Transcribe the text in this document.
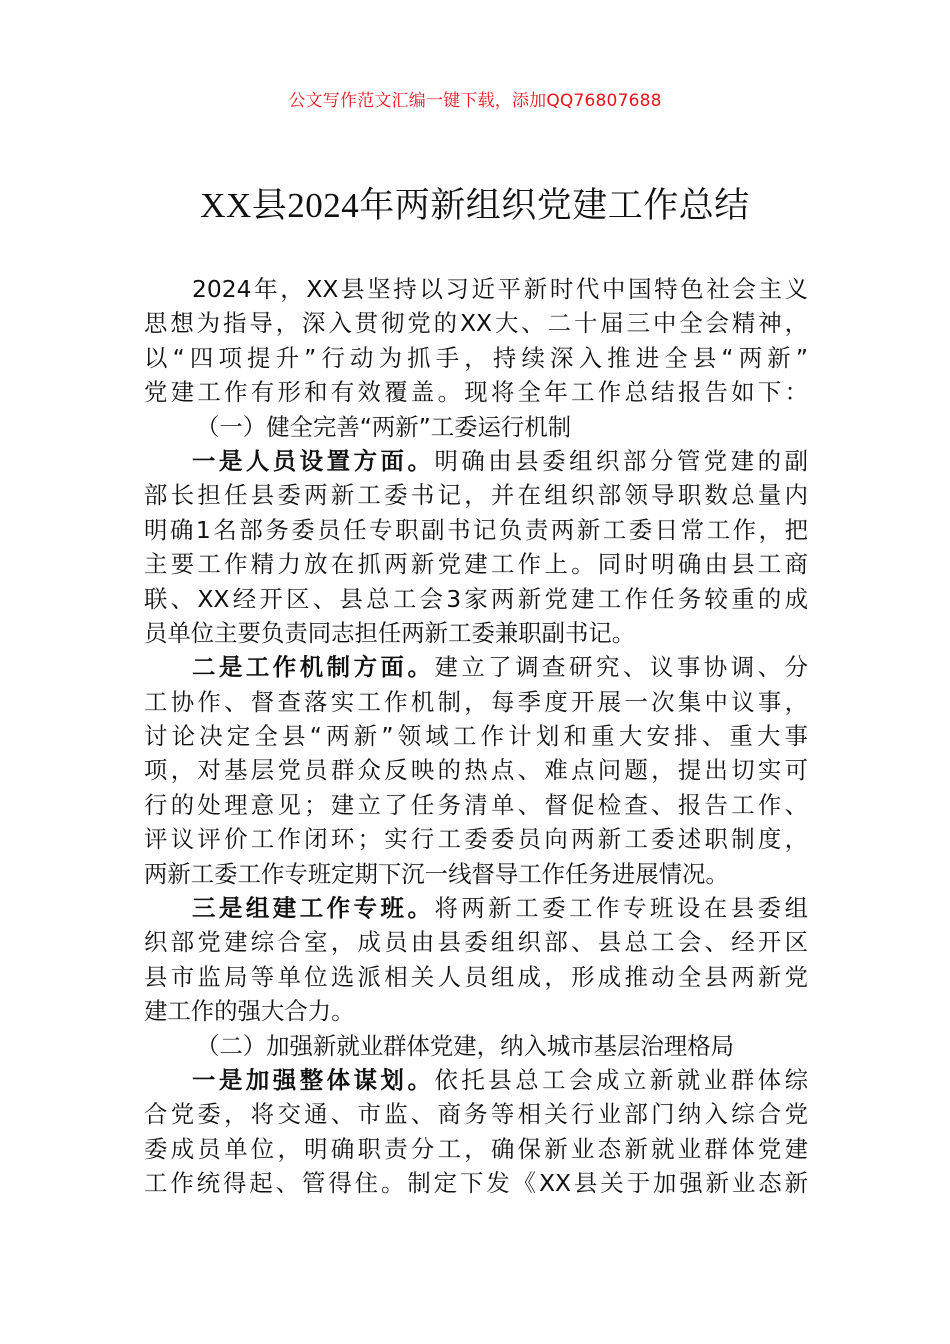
公文写作范文汇编一键下载，添加QQ76807688
XX县2024年两新组织党建工作总结
2024年，XX县坚持以习近平新时代中国特色社会主义
思想为指导，深入贯彻党的XX大、二十届三中全会精神，
以“四项提升”行动为抓手，持续深入推进全县“两新”
党建工作有形和有效覆盖。现将全年工作总结报告如下：
（一）健全完善“两新”工委运行机制
一是人员设置方面。明确由县委组织部分管党建的副
部长担任县委两新工委书记，并在组织部领导职数总量内
明确1名部务委员任专职副书记负责两新工委日常工作，把
主要工作精力放在抓两新党建工作上。同时明确由县工商
联、XX经开区、县总工会3家两新党建工作任务较重的成
员单位主要负责同志担任两新工委兼职副书记。
二是工作机制方面。建立了调查研究、议事协调、分
工协作、督查落实工作机制，每季度开展一次集中议事，
讨论决定全县“两新”领域工作计划和重大安排、重大事
项，对基层党员群众反映的热点、难点问题，提出切实可
行的处理意见；建立了任务清单、督促检查、报告工作、
评议评价工作闭环；实行工委委员向两新工委述职制度，
两新工委工作专班定期下沉一线督导工作任务进展情况。
三是组建工作专班。将两新工委工作专班设在县委组
织部党建综合室，成员由县委组织部、县总工会、经开区
县市监局等单位选派相关人员组成，形成推动全县两新党
建工作的强大合力。
（二）加强新就业群体党建，纳入城市基层治理格局
一是加强整体谋划。依托县总工会成立新就业群体综
合党委，将交通、市监、商务等相关行业部门纳入综合党
委成员单位，明确职责分工，确保新业态新就业群体党建
工作统得起、管得住。制定下发《XX县关于加强新业态新
